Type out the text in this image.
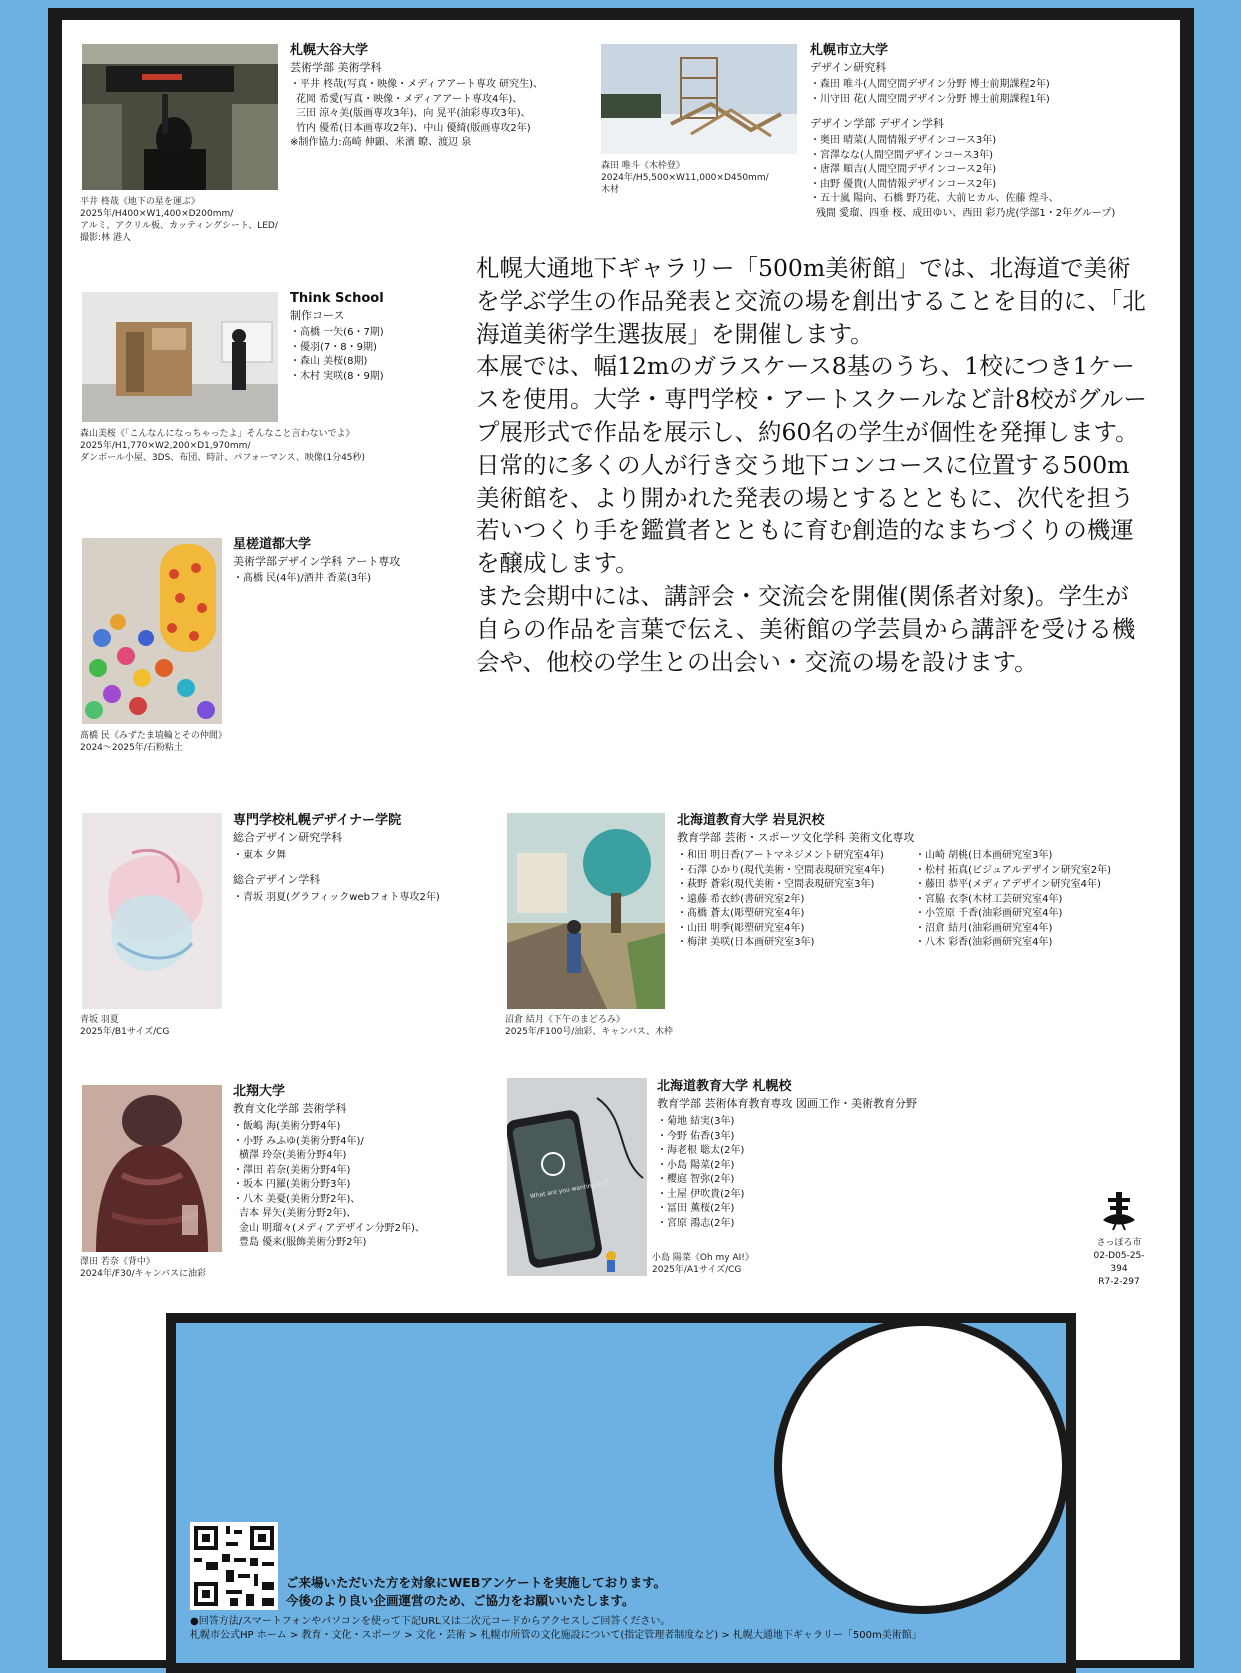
平井 柊哉《地下の星を運ぶ》
2025年/H400×W1,400×D200mm/
アルミ、アクリル板、カッティングシート、LED/
撮影:林 港人
札幌大谷大学
芸術学部 美術学科
・平井 柊哉(写真・映像・メディアアート専攻 研究生)、
花岡 希愛(写真・映像・メディアアート専攻4年)、
三田 涼々美(版画専攻3年)、向 晃平(油彩専攻3年)、
竹内 優希(日本画専攻2年)、中山 優綺(版画専攻2年)
※制作協力:高崎 伸顕、米濱 瞭、渡辺 泉
森田 唯斗《木枠登》
2024年/H5,500×W11,000×D450mm/
木材
札幌市立大学
デザイン研究科
・森田 唯斗(人間空間デザイン分野 博士前期課程2年)
・川守田 花(人間空間デザイン分野 博士前期課程1年)
デザイン学部 デザイン学科
・奥田 晴菜(人間情報デザインコース3年)
・宮澤なな(人間空間デザインコース3年)
・唐澤 順吉(人間空間デザインコース2年)
・由野 優貴(人間情報デザインコース2年)
・五十嵐 陽向、石橋 野乃花、大前ヒカル、佐藤 煌斗、
残間 愛瑠、四垂 桜、成田ゆい、西田 彩乃虎(学部1・2年グループ)
森山美桜《「こんなんになっちゃったよ」そんなこと言わないでよ》
2025年/H1,770×W2,200×D1,970mm/
ダンボール小屋、3DS、布団、時計、パフォーマンス、映像(1分45秒)
Think School
制作コース
・高橋 一矢(6・7期)
・優羽(7・8・9期)
・森山 美桜(8期)
・木村 実咲(8・9期)
髙橋 民《みずたま埴輪とその仲間》
2024〜2025年/石粉粘土
星槎道都大学
美術学部デザイン学科 アート専攻
・髙橋 民(4年)/酒井 香菜(3年)

札幌大通地下ギャラリー「500m美術館」では、北海道で美術を学ぶ学生の作品発表と交流の場を創出することを目的に、「北海道美術学生選抜展」を開催します。

本展では、幅12mのガラスケース8基のうち、1校につき1ケースを使用。大学・専門学校・アートスクールなど計8校がグループ展形式で作品を展示し、約60名の学生が個性を発揮します。

日常的に多くの人が行き交う地下コンコースに位置する500m美術館を、より開かれた発表の場とするとともに、次代を担う若いつくり手を鑑賞者とともに育む創造的なまちづくりの機運を醸成します。

また会期中には、講評会・交流会を開催(関係者対象)。学生が自らの作品を言葉で伝え、美術館の学芸員から講評を受ける機会や、他校の学生との出会い・交流の場を設けます。

青坂 羽夏
2025年/B1サイズ/CG
専門学校札幌デザイナー学院
総合デザイン研究学科
・東本 夕舞
総合デザイン学科
・青坂 羽夏(グラフィックwebフォト専攻2年)
沼倉 結月《下午のまどろみ》
2025年/F100号/油彩、キャンバス、木枠
北海道教育大学 岩見沢校
教育学部 芸術・スポーツ文化学科 美術文化専攻
・和田 明日香(アートマネジメント研究室4年)
・石澤 ひかり(現代美術・空間表現研究室4年)
・萩野 蒼彩(現代美術・空間表現研究室3年)
・遠藤 希衣紗(書研究室2年)
・髙橋 蒼太(彫塑研究室4年)
・山田 明季(彫塑研究室4年)
・梅津 美咲(日本画研究室3年)
・山崎 胡桃(日本画研究室3年)
・松村 拓真(ビジュアルデザイン研究室2年)
・藤田 恭平(メディアデザイン研究室4年)
・宮脇 衣李(木材工芸研究室4年)
・小笠原 千香(油彩画研究室4年)
・沼倉 結月(油彩画研究室4年)
・八木 彩香(油彩画研究室4年)
澤田 若奈《背中》
2024年/F30/キャンバスに油彩
北翔大学
教育文化学部 芸術学科
・飯嶋 海(美術分野4年)
・小野 みふゆ(美術分野4年)/
横澤 玲奈(美術分野4年)
・澤田 若奈(美術分野4年)
・坂本 円羅(美術分野3年)
・八木 美憂(美術分野2年)、
吉本 昇矢(美術分野2年)、
金山 明瑠々(メディアデザイン分野2年)、
豊島 優来(服飾美術分野2年)
What are you wanting for?
小島 陽菜《Oh my AI!》
2025年/A1サイズ/CG
北海道教育大学 札幌校
教育学部 芸術体育教育専攻 図画工作・美術教育分野
・菊地 結実(3年)
・今野 佑香(3年)
・海老根 聡太(2年)
・小島 陽菜(2年)
・櫻庭 智弥(2年)
・土屋 伊吹貴(2年)
・冨田 薫桜(2年)
・宮原 鴻志(2年)
さっぽろ市
02-D05-25-394
R7-2-297
ご来場いただいた方を対象にWEBアンケートを実施しております。
今後のより良い企画運営のため、ご協力をお願いいたします。
●回答方法/スマートフォンやパソコンを使って下記URL又は二次元コードからアクセスしご回答ください。
札幌市公式HP ホーム > 教育・文化・スポーツ > 文化・芸術 > 札幌市所管の文化施設について(指定管理者制度など) > 札幌大通地下ギャラリー「500m美術館」
